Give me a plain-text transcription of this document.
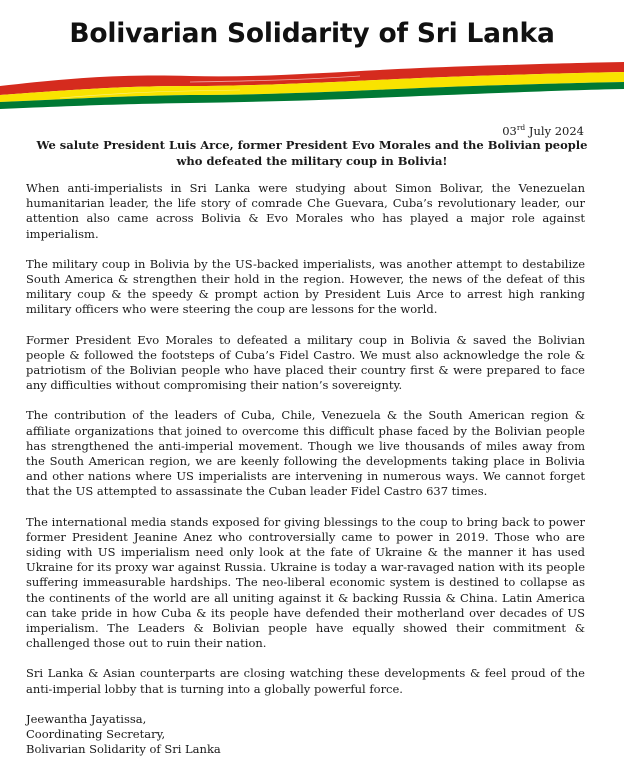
Bolivarian Solidarity of Sri Lanka
03rd July 2024
We salute President Luis Arce, former President Evo Morales and the Bolivian people who defeated the military coup in Bolivia!

When anti-imperialists in Sri Lanka were studying about Simon Bolivar, the Venezuelan humanitarian leader, the life story of comrade Che Guevara, Cuba’s revolutionary leader, our attention also came across Bolivia & Evo Morales who has played a major role against imperialism.

The military coup in Bolivia by the US-backed imperialists, was another attempt to destabilize South America & strengthen their hold in the region. However, the news of the defeat of this military coup & the speedy & prompt action by President Luis Arce to arrest high ranking military officers who were steering the coup are lessons for the world.

Former President Evo Morales to defeated a military coup in Bolivia & saved the Bolivian people & followed the footsteps of Cuba’s Fidel Castro. We must also acknowledge the role & patriotism of the Bolivian people who have placed their country first & were prepared to face any difficulties without compromising their nation’s sovereignty.

The contribution of the leaders of Cuba, Chile, Venezuela & the South American region & affiliate organizations that joined to overcome this difficult phase faced by the Bolivian people has strengthened the anti-imperial movement. Though we live thousands of miles away from the South American region, we are keenly following the developments taking place in Bolivia and other nations where US imperialists are intervening in numerous ways. We cannot forget that the US attempted to assassinate the Cuban leader Fidel Castro 637 times.

The international media stands exposed for giving blessings to the coup to bring back to power former President Jeanine Anez who controversially came to power in 2019. Those who are siding with US imperialism need only look at the fate of Ukraine & the manner it has used Ukraine for its proxy war against Russia. Ukraine is today a war-ravaged nation with its people suffering immeasurable hardships. The neo-liberal economic system is destined to collapse as the continents of the world are all uniting against it & backing Russia & China. Latin America can take pride in how Cuba & its people have defended their motherland over decades of US imperialism. The Leaders & Bolivian people have equally showed their commitment & challenged those out to ruin their nation.

Sri Lanka & Asian counterparts are closing watching these developments & feel proud of the anti-imperial lobby that is turning into a globally powerful force.

Jeewantha Jayatissa,
Coordinating Secretary,
Bolivarian Solidarity of Sri Lanka
